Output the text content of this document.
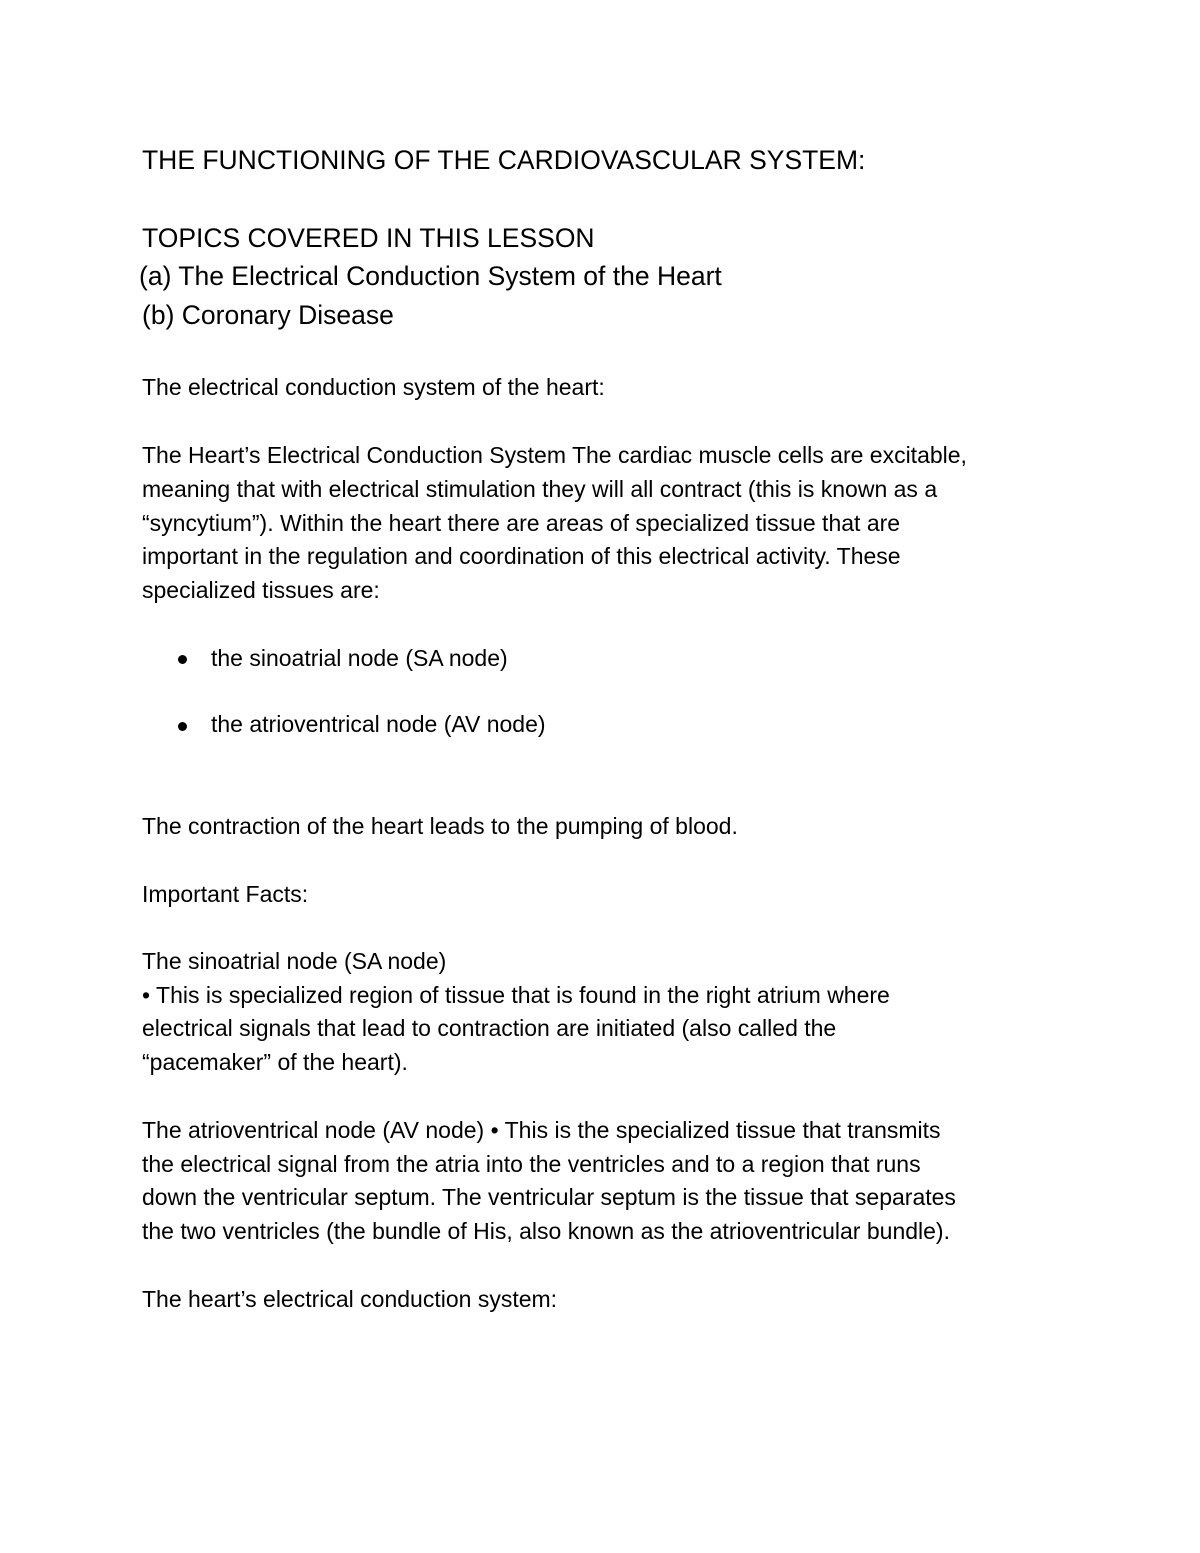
THE FUNCTIONING OF THE CARDIOVASCULAR SYSTEM:
TOPICS COVERED IN THIS LESSON
(a) The Electrical Conduction System of the Heart
(b) Coronary Disease
The electrical conduction system of the heart:
The Heart’s Electrical Conduction System The cardiac muscle cells are excitable,
meaning that with electrical stimulation they will all contract (this is known as a
“syncytium”). Within the heart there are areas of specialized tissue that are
important in the regulation and coordination of this electrical activity. These
specialized tissues are:
the sinoatrial node (SA node)
the atrioventrical node (AV node)
The contraction of the heart leads to the pumping of blood.
Important Facts:
The sinoatrial node (SA node)
• This is specialized region of tissue that is found in the right atrium where
electrical signals that lead to contraction are initiated (also called the
“pacemaker” of the heart).
The atrioventrical node (AV node) • This is the specialized tissue that transmits
the electrical signal from the atria into the ventricles and to a region that runs
down the ventricular septum. The ventricular septum is the tissue that separates
the two ventricles (the bundle of His, also known as the atrioventricular bundle).
The heart’s electrical conduction system:
